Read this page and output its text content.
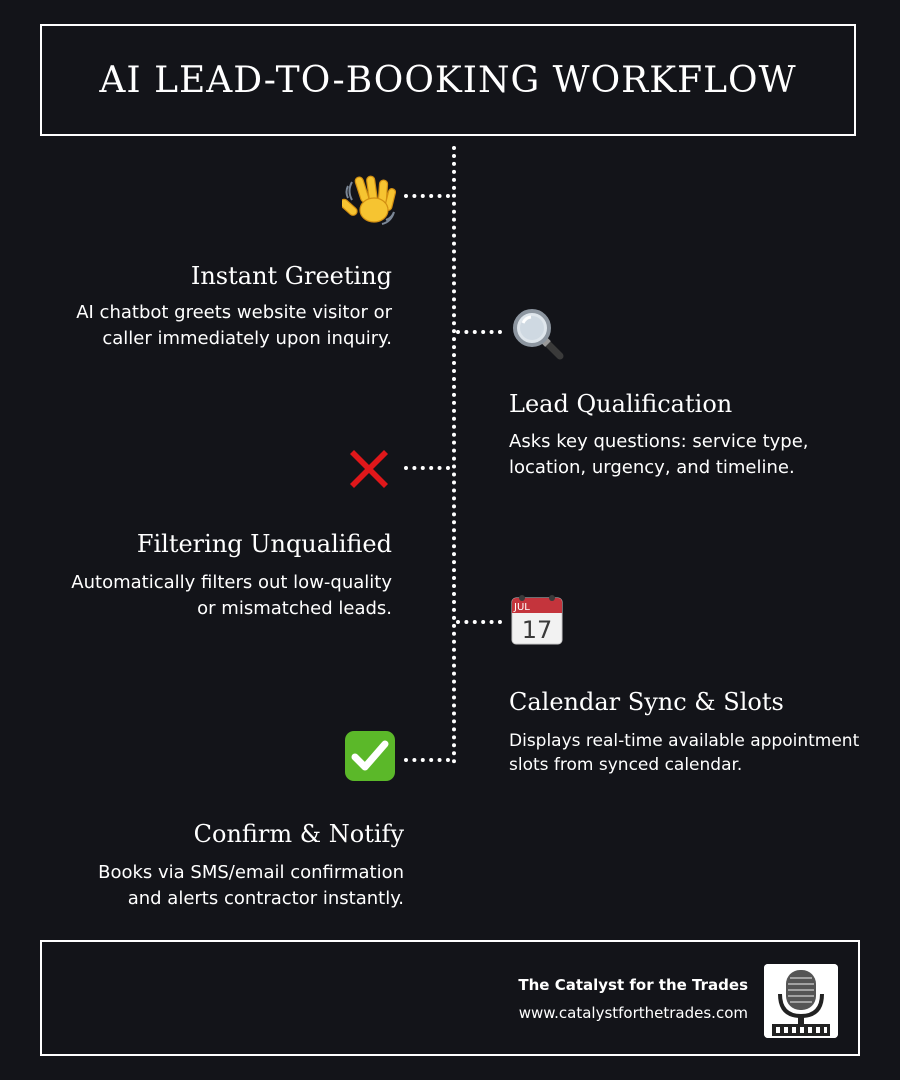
AI LEAD-TO-BOOKING WORKFLOW
Instant Greeting
AI chatbot greets website visitor or
caller immediately upon inquiry.
Lead Qualification
Asks key questions: service type,
location, urgency, and timeline.
Filtering Unqualified
Automatically filters out low-quality
or mismatched leads.	JUL
17
Calendar Sync & Slots
Displays real-time available appointment
slots from synced calendar.
Confirm & Notify
Books via SMS/email confirmation
and alerts contractor instantly.
The Catalyst for the Trades
www.catalystforthetrades.com
